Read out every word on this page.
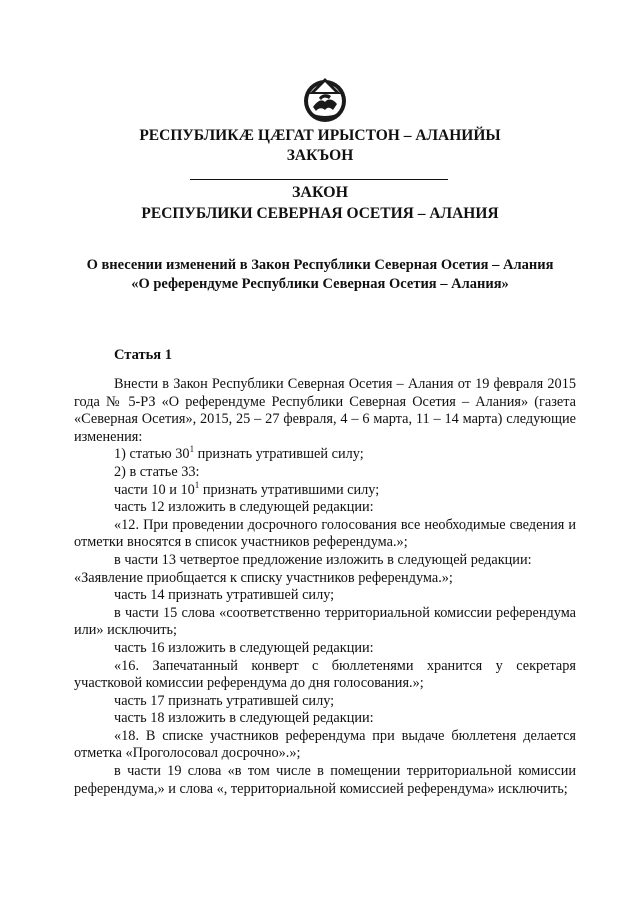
РЕСПУБЛИКӔ ЦӔГАТ ИРЫСТОН – АЛАНИЙЫ
ЗАКЪОН
ЗАКОН
РЕСПУБЛИКИ СЕВЕРНАЯ ОСЕТИЯ – АЛАНИЯ
О внесении изменений в Закон Республики Северная Осетия – Алания
«О референдуме Республики Северная Осетия – Алания»
Статья 1

Внести в Закон Республики Северная Осетия – Алания от 19 февраля 2015 года № 5-РЗ «О референдуме Республики Северная Осетия – Алания» (газета «Северная Осетия», 2015, 25 – 27 февраля, 4 – 6 марта, 11 – 14 марта) следующие изменения:

1) статью $30^1$ признать утратившей силу;

2) в статье 33:

части 10 и $10^1$ признать утратившими силу;

часть 12 изложить в следующей редакции:

«12. При проведении досрочного голосования все необходимые сведения и отметки вносятся в список участников референдума.»;

в части 13 четвертое предложение изложить в следующей редакции:

«Заявление приобщается к списку участников референдума.»;

часть 14 признать утратившей силу;

в части 15 слова «соответственно территориальной комиссии референдума или» исключить;

часть 16 изложить в следующей редакции:

«16. Запечатанный конверт с бюллетенями хранится у секретаря участковой комиссии референдума до дня голосования.»;

часть 17 признать утратившей силу;

часть 18 изложить в следующей редакции:

«18. В списке участников референдума при выдаче бюллетеня делается отметка «Проголосовал досрочно».»;

в части 19 слова «в том числе в помещении территориальной комиссии референдума,» и слова «, территориальной комиссией референдума» исключить;
